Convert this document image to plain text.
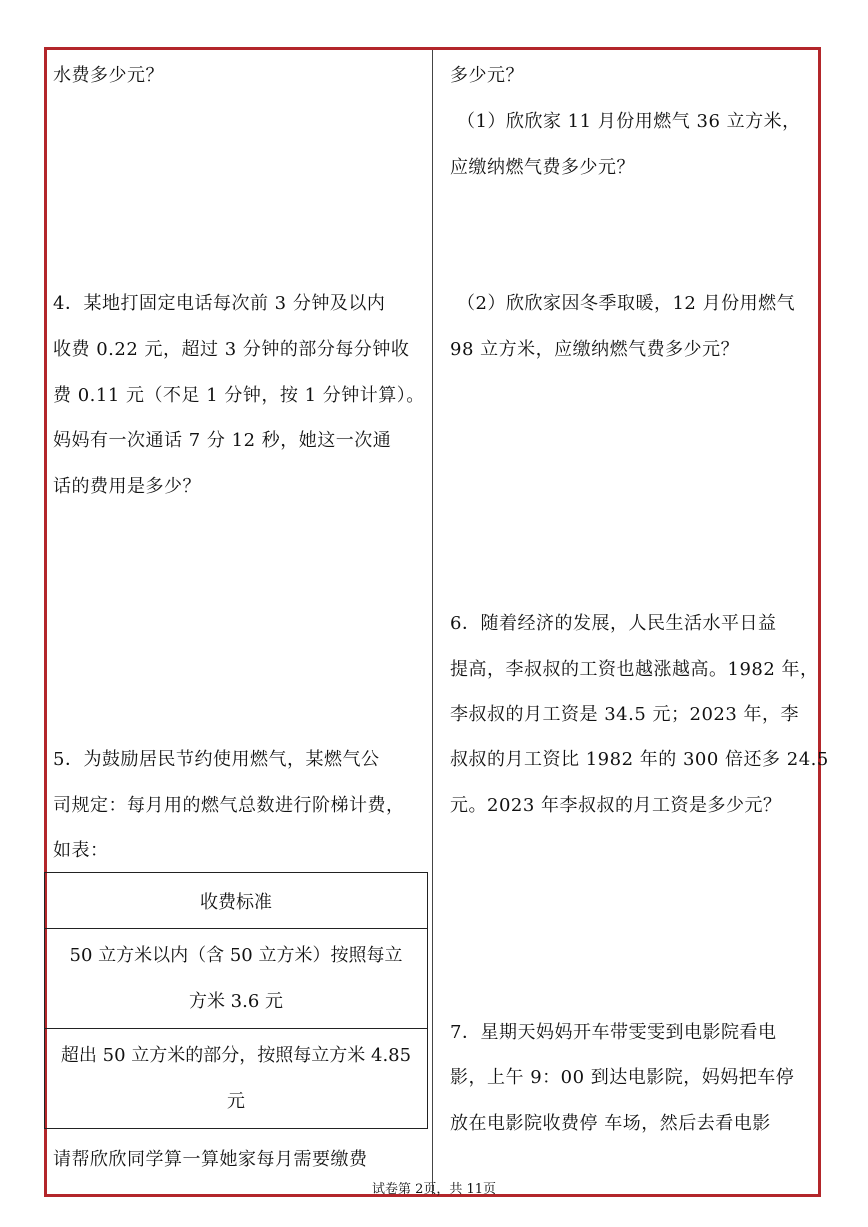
水费多少元？
4．某地打固定电话每次前 3 分钟及以内
收费 0.22 元，超过 3 分钟的部分每分钟收
费 0.11 元（不足 1 分钟，按 1 分钟计算）。
妈妈有一次通话 7 分 12 秒，她这一次通
话的费用是多少？
5．为鼓励居民节约使用燃气，某燃气公
司规定：每月用的燃气总数进行阶梯计费，
如表：
收费标准

50 立方米以内（含 50 立方米）按照每立
方米 3.6 元

超出 50 立方米的部分，按照每立方米 4.85
元
请帮欣欣同学算一算她家每月需要缴费
多少元？
（1）欣欣家 11 月份用燃气 36 立方米，
应缴纳燃气费多少元？
（2）欣欣家因冬季取暖，12 月份用燃气
98 立方米，应缴纳燃气费多少元？
6．随着经济的发展，人民生活水平日益
提高，李叔叔的工资也越涨越高。1982 年，
李叔叔的月工资是 34.5 元；2023 年，李
叔叔的月工资比 1982 年的 300 倍还多 24.5
元。2023 年李叔叔的月工资是多少元？
7．星期天妈妈开车带雯雯到电影院看电
影，上午 9：00 到达电影院，妈妈把车停
放在电影院收费停 车场，然后去看电影
试卷第 2页，共 11页
